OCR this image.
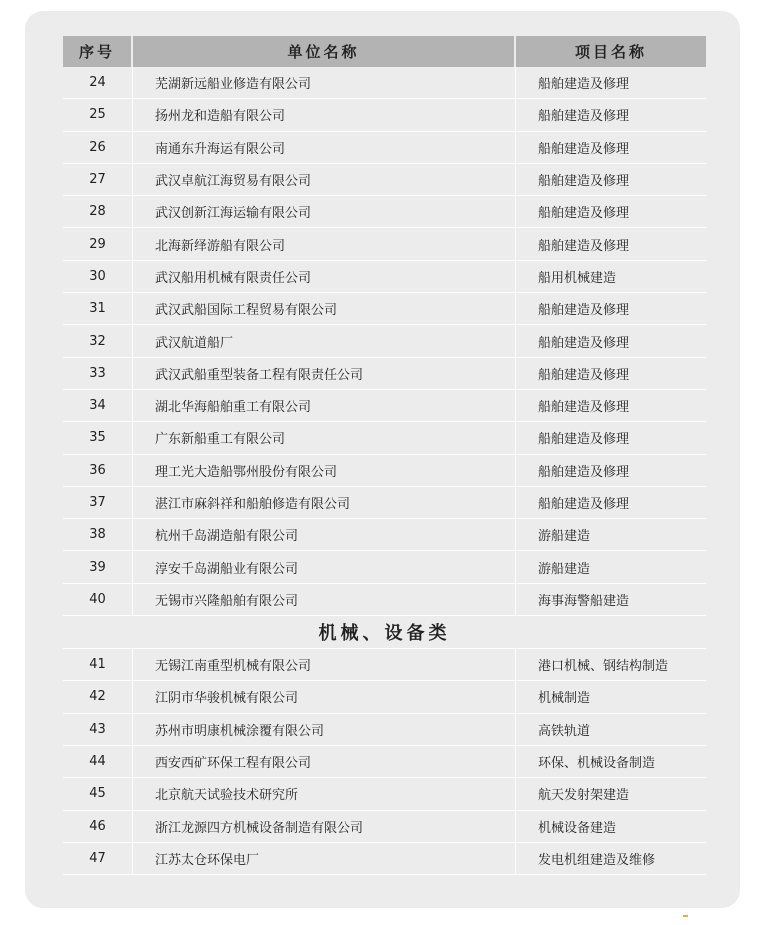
序号	单位名称	项目名称
24	芜湖新远船业修造有限公司	船舶建造及修理
25	扬州龙和造船有限公司	船舶建造及修理
26	南通东升海运有限公司	船舶建造及修理
27	武汉卓航江海贸易有限公司	船舶建造及修理
28	武汉创新江海运输有限公司	船舶建造及修理
29	北海新绎游船有限公司	船舶建造及修理
30	武汉船用机械有限责任公司	船用机械建造
31	武汉武船国际工程贸易有限公司	船舶建造及修理
32	武汉航道船厂	船舶建造及修理
33	武汉武船重型装备工程有限责任公司	船舶建造及修理
34	湖北华海船舶重工有限公司	船舶建造及修理
35	广东新船重工有限公司	船舶建造及修理
36	理工光大造船鄂州股份有限公司	船舶建造及修理
37	湛江市麻斜祥和船舶修造有限公司	船舶建造及修理
38	杭州千岛湖造船有限公司	游船建造
39	淳安千岛湖船业有限公司	游船建造
40	无锡市兴隆船舶有限公司	海事海警船建造
机械、设备类
41	无锡江南重型机械有限公司	港口机械、钢结构制造
42	江阴市华骏机械有限公司	机械制造
43	苏州市明康机械涂覆有限公司	高铁轨道
44	西安西矿环保工程有限公司	环保、机械设备制造
45	北京航天试验技术研究所	航天发射架建造
46	浙江龙源四方机械设备制造有限公司	机械设备建造
47	江苏太仓环保电厂	发电机组建造及维修
